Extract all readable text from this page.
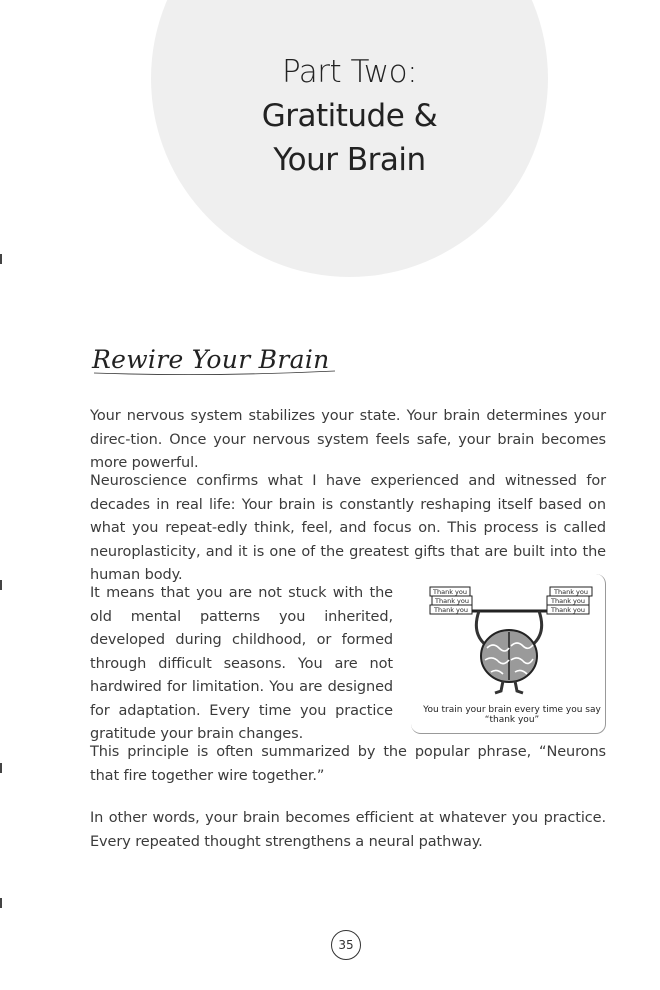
Part Two:
Gratitude &
Your Brain
Rewire Your Brain

Your nervous system stabilizes your state. Your brain determines your direc-tion. Once your nervous system feels safe, your brain becomes more powerful.

Neuroscience confirms what I have experienced and witnessed for decades in real life: Your brain is constantly reshaping itself based on what you repeat-edly think, feel, and focus on. This process is called neuroplasticity, and it is one of the greatest gifts that are built into the human body.

It means that you are not stuck with the old mental patterns you inherited, developed during childhood, or formed through difficult seasons. You are not hardwired for limitation. You are designed for adaptation. Every time you practice gratitude your brain changes.

Thank you
Thank you
Thank you
Thank you
Thank you
Thank you
You train your brain every time you say “thank you”

This principle is often summarized by the popular phrase, “Neurons that fire together wire together.”

In other words, your brain becomes efficient at whatever you practice. Every repeated thought strengthens a neural pathway.

35
